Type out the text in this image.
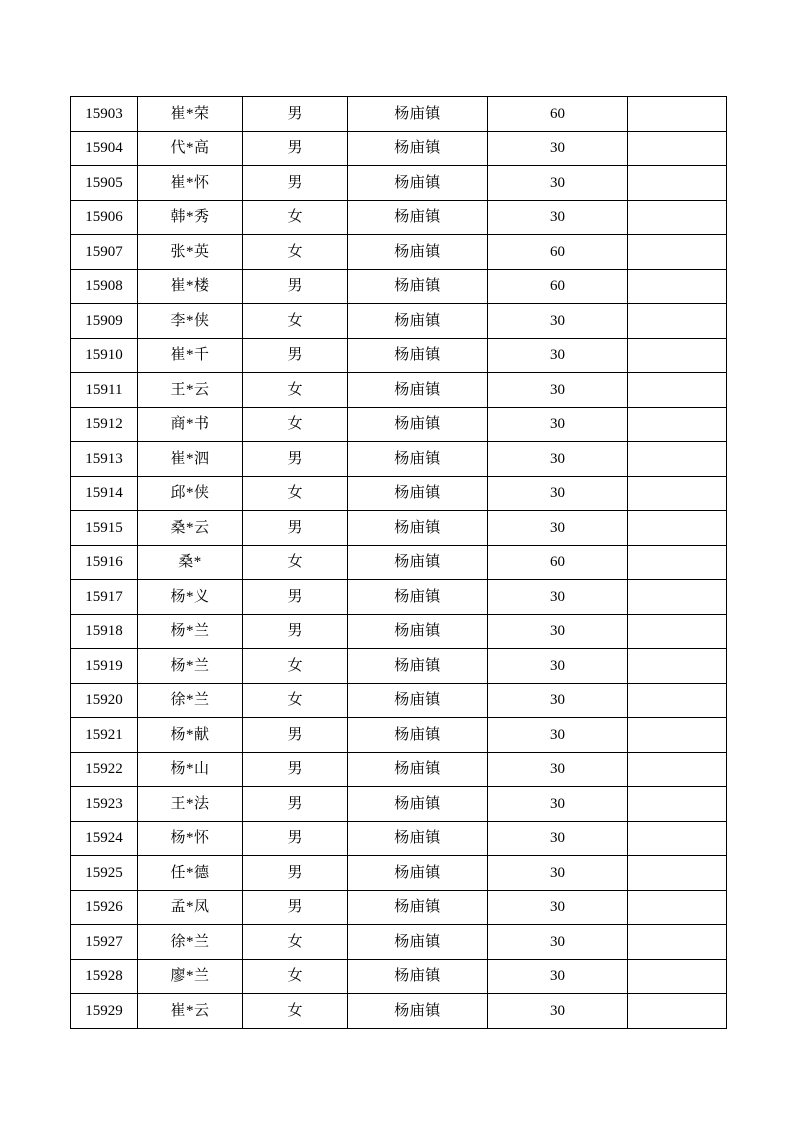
15903	崔*荣	男	杨庙镇	60	
15904	代*高	男	杨庙镇	30	
15905	崔*怀	男	杨庙镇	30	
15906	韩*秀	女	杨庙镇	30	
15907	张*英	女	杨庙镇	60	
15908	崔*楼	男	杨庙镇	60	
15909	李*侠	女	杨庙镇	30	
15910	崔*千	男	杨庙镇	30	
15911	王*云	女	杨庙镇	30	
15912	商*书	女	杨庙镇	30	
15913	崔*泗	男	杨庙镇	30	
15914	邱*侠	女	杨庙镇	30	
15915	桑*云	男	杨庙镇	30	
15916	桑*	女	杨庙镇	60	
15917	杨*义	男	杨庙镇	30	
15918	杨*兰	男	杨庙镇	30	
15919	杨*兰	女	杨庙镇	30	
15920	徐*兰	女	杨庙镇	30	
15921	杨*献	男	杨庙镇	30	
15922	杨*山	男	杨庙镇	30	
15923	王*法	男	杨庙镇	30	
15924	杨*怀	男	杨庙镇	30	
15925	任*德	男	杨庙镇	30	
15926	孟*凤	男	杨庙镇	30	
15927	徐*兰	女	杨庙镇	30	
15928	廖*兰	女	杨庙镇	30	
15929	崔*云	女	杨庙镇	30	
